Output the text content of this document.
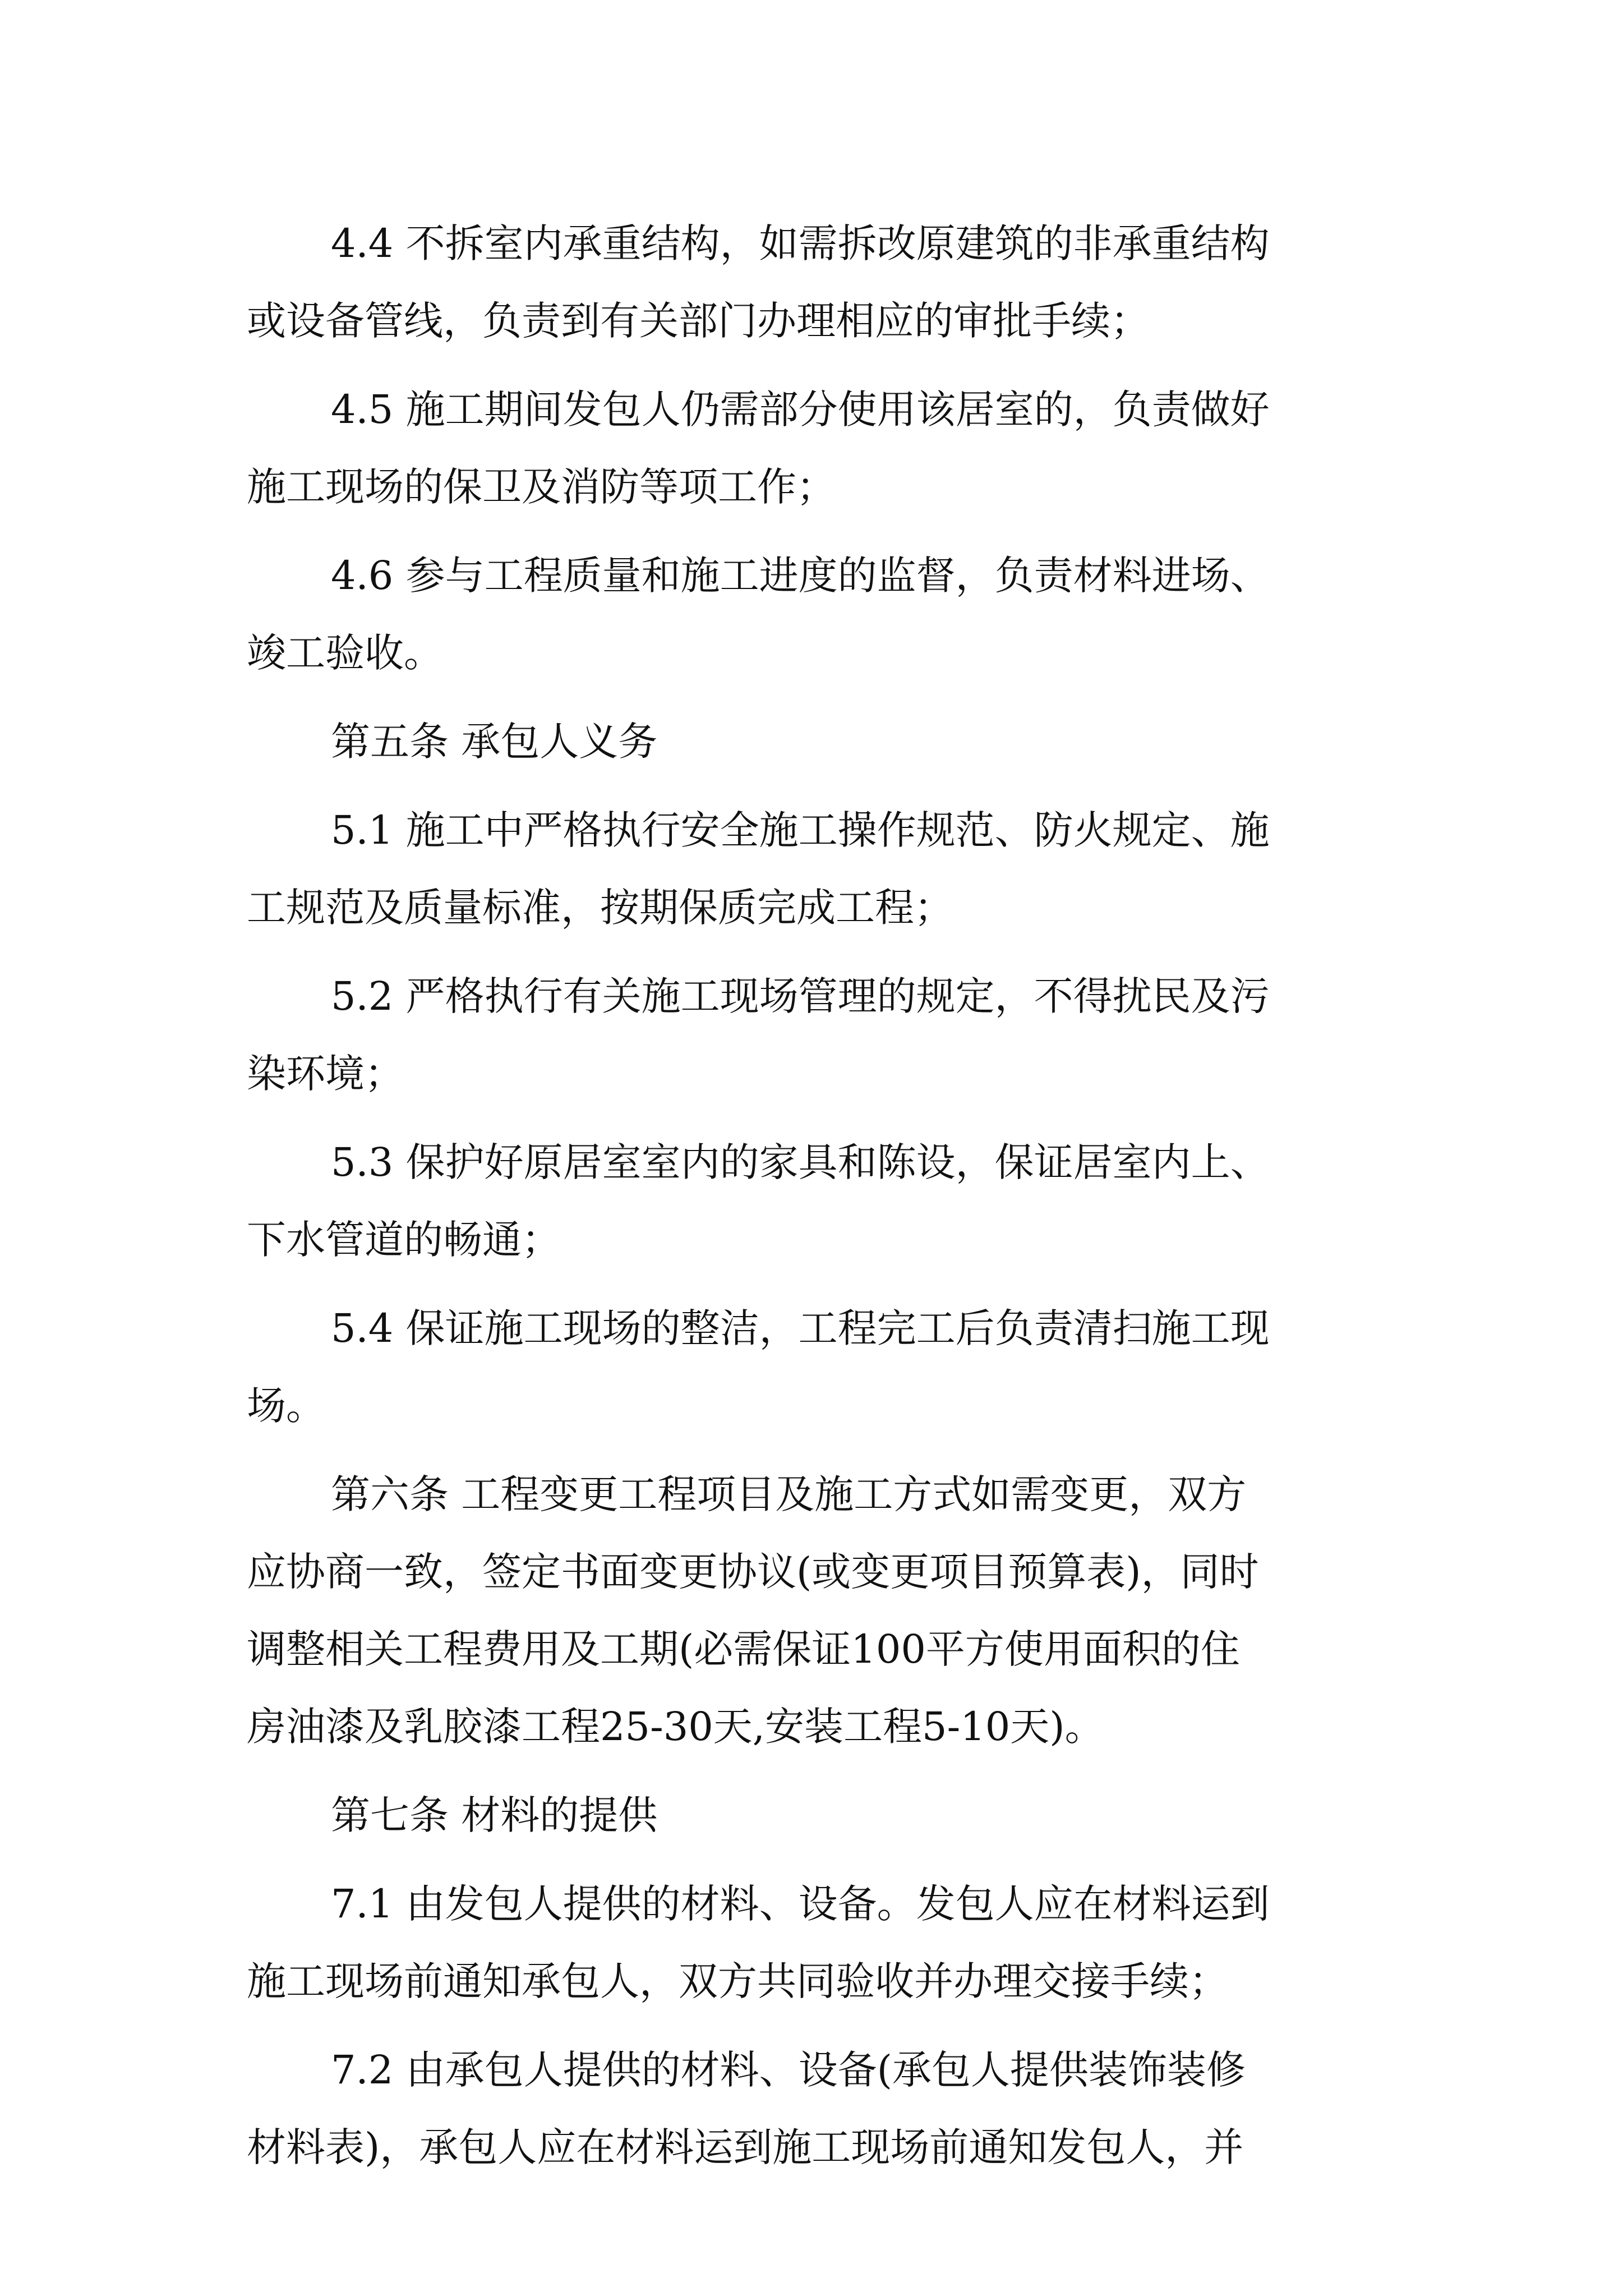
4.4 不拆室内承重结构，如需拆改原建筑的非承重结构
或设备管线，负责到有关部门办理相应的审批手续；
4.5 施工期间发包人仍需部分使用该居室的，负责做好
施工现场的保卫及消防等项工作；
4.6 参与工程质量和施工进度的监督，负责材料进场、
竣工验收。
第五条 承包人义务
5.1 施工中严格执行安全施工操作规范、防火规定、施
工规范及质量标准，按期保质完成工程；
5.2 严格执行有关施工现场管理的规定，不得扰民及污
染环境；
5.3 保护好原居室室内的家具和陈设，保证居室内上、
下水管道的畅通；
5.4 保证施工现场的整洁，工程完工后负责清扫施工现
场。
第六条 工程变更工程项目及施工方式如需变更，双方
应协商一致，签定书面变更协议(或变更项目预算表)，同时
调整相关工程费用及工期(必需保证100平方使用面积的住
房油漆及乳胶漆工程25-30天,安装工程5-10天)。
第七条 材料的提供
7.1 由发包人提供的材料、设备。发包人应在材料运到
施工现场前通知承包人，双方共同验收并办理交接手续；
7.2 由承包人提供的材料、设备(承包人提供装饰装修
材料表)，承包人应在材料运到施工现场前通知发包人，并
